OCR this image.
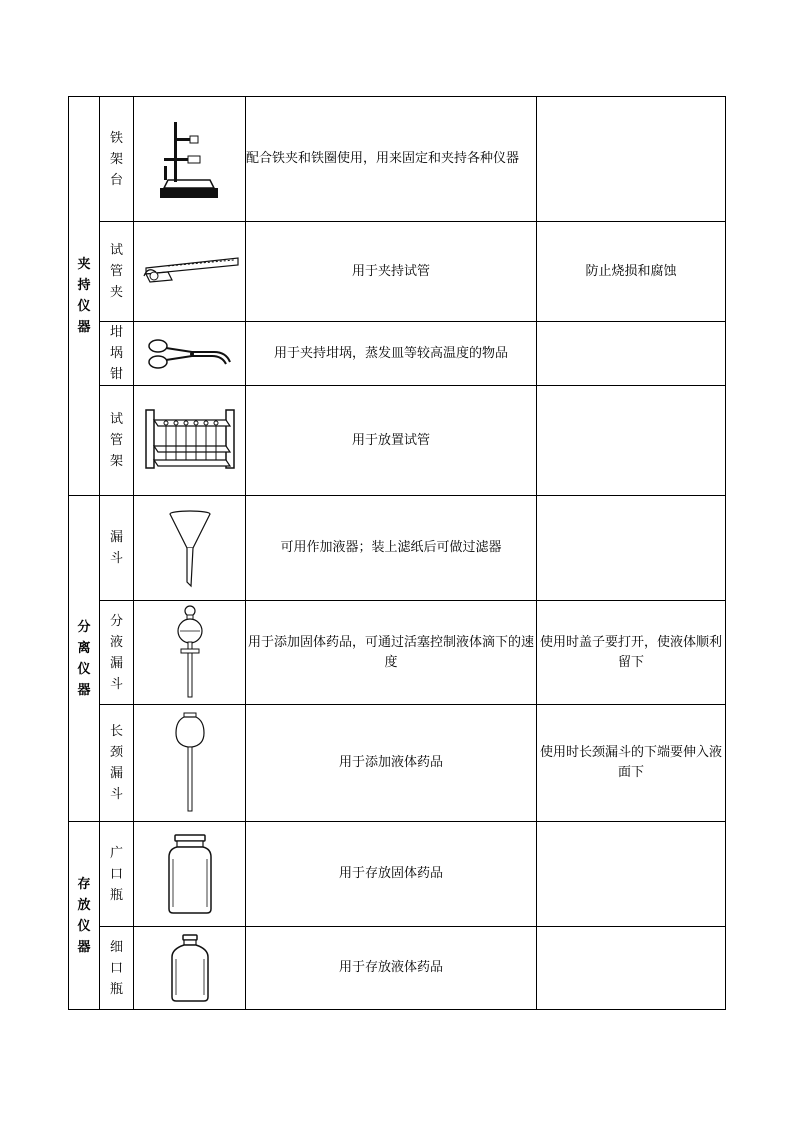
夹
持
仪
器	铁
架
台		配合铁夹和铁圈使用，用来固定和夹持各种仪器	

	试
管
夹		用于夹持试管	防止烧损和腐蚀

	坩
埚
钳		用于夹持坩埚，蒸发皿等较高温度的物品	

	试
管
架		用于放置试管	

分
离
仪
器	漏
斗		可用作加液器；装上滤纸后可做过滤器	

	分
液
漏
斗		用于添加固体药品，可通过活塞控制液体滴下的速度	使用时盖子要打开，使液体顺利留下

	长
颈
漏
斗		用于添加液体药品	使用时长颈漏斗的下端要伸入液面下

存
放
仪
器	广
口
瓶		用于存放固体药品	

	细
口
瓶		用于存放液体药品	
